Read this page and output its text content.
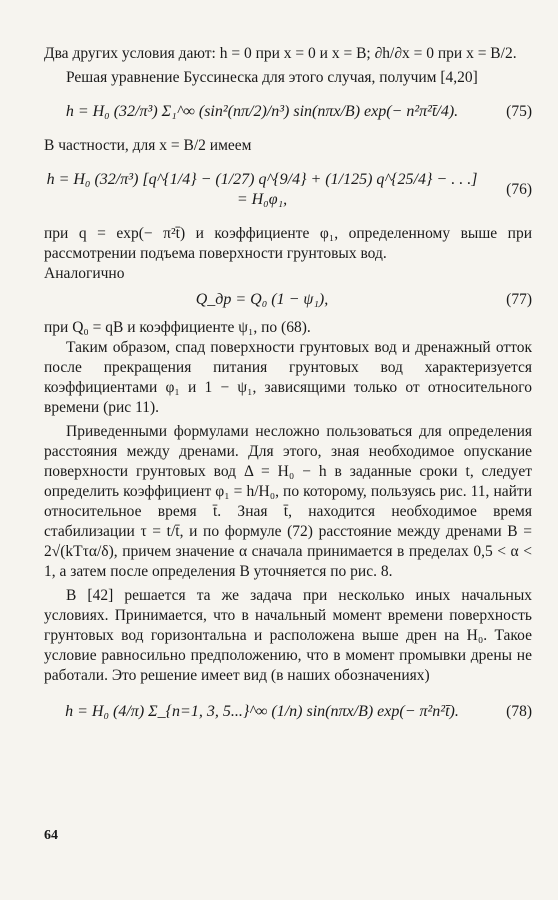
Два других условия дают: h = 0 при x = 0 и x = B; ∂h/∂x = 0 при x = B/2.

Решая уравнение Буссинеска для этого случая, получим [4,20]

h = H₀ (32/π³) Σ₁^∞ (sin²(nπ/2)/n³) sin(nπx/B) exp(− n²π²t̄/4).	(75)

В частности, для x = B/2 имеем

h = H₀ (32/π³) [q^{1/4} − (1/27) q^{9/4} + (1/125) q^{25/4} − . . .] = H₀φ₁,
(76)

при q = exp(− π²t̄) и коэффициенте φ₁, определенному выше при рассмотрении подъема поверхности грунтовых вод.

Аналогично

Q_др = Q₀ (1 − ψ₁),	(77)

при Q₀ = qB и коэффициенте ψ₁, по (68).

Таким образом, спад поверхности грунтовых вод и дренажный отток после прекращения питания грунтовых вод характеризуется коэффициентами φ₁ и 1 − ψ₁, зависящими только от относительного времени (рис 11).

Приведенными формулами несложно пользоваться для определения расстояния между дренами. Для этого, зная необходимое опускание поверхности грунтовых вод Δ = H₀ − h в заданные сроки t, следует определить коэффициент φ₁ = h/H₀, по которому, пользуясь рис. 11, найти относительное время t̄. Зная t̄, находится необходимое время стабилизации τ = t/t̄, и по формуле (72) расстояние между дренами B = 2√(kTτα/δ), причем значение α сначала принимается в пределах 0,5 < α < 1, а затем после определения B уточняется по рис. 8.

В [42] решается та же задача при несколько иных начальных условиях. Принимается, что в начальный момент времени поверхность грунтовых вод горизонтальна и расположена выше дрен на H₀. Такое условие равносильно предположению, что в момент промывки дрены не работали. Это решение имеет вид (в наших обозначениях)

h = H₀ (4/π) Σ_{n=1, 3, 5...}^∞ (1/n) sin(nπx/B) exp(− π²n²t̄).	(78)
64
